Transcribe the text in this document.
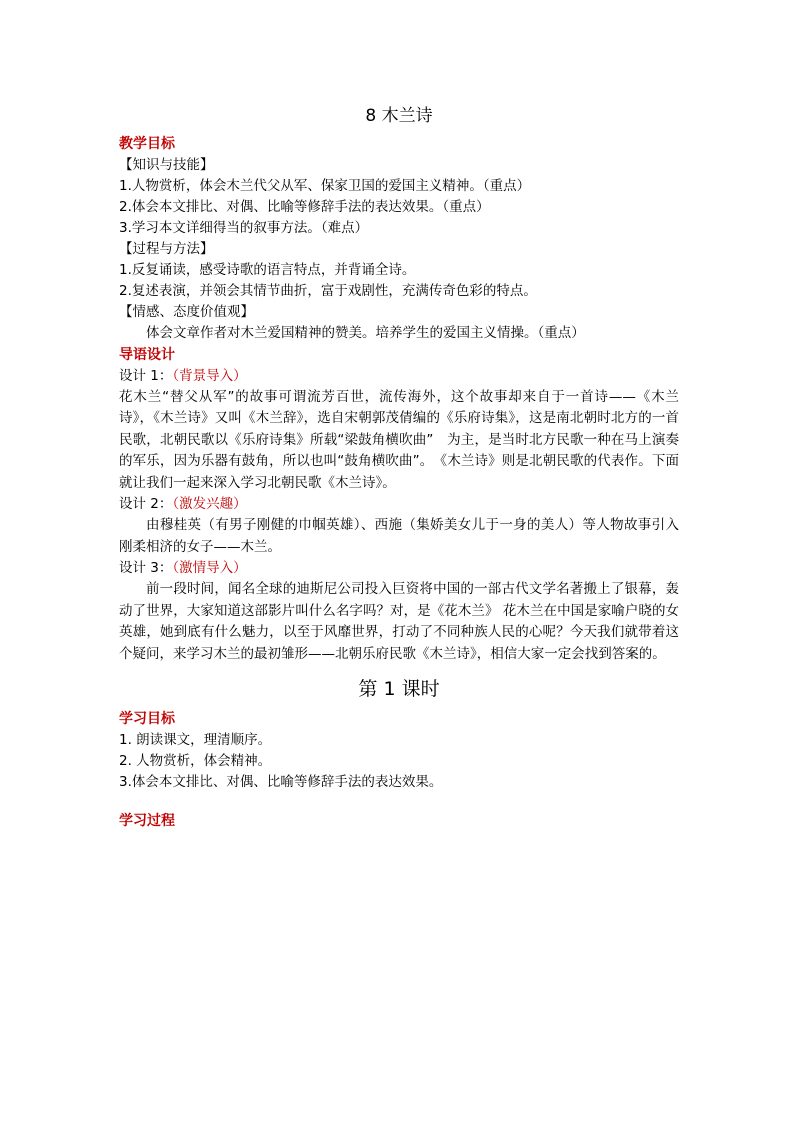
8 木兰诗
教学目标
【知识与技能】
1.人物赏析，体会木兰代父从军、保家卫国的爱国主义精神。（重点）
2.体会本文排比、对偶、比喻等修辞手法的表达效果。（重点）
3.学习本文详细得当的叙事方法。（难点）
【过程与方法】
1.反复诵读，感受诗歌的语言特点，并背诵全诗。
2.复述表演，并领会其情节曲折，富于戏剧性，充满传奇色彩的特点。
【情感、态度价值观】
体会文章作者对木兰爱国精神的赞美。培养学生的爱国主义情操。（重点）
导语设计
设计 1：（背景导入）
花木兰“替父从军”的故事可谓流芳百世，流传海外，这个故事却来自于一首诗——《木兰诗》，《木兰诗》又叫《木兰辞》，选自宋朝郭茂倩编的《乐府诗集》，这是南北朝时北方的一首民歌，北朝民歌以《乐府诗集》所载“梁鼓角横吹曲”　为主，是当时北方民歌一种在马上演奏的军乐，因为乐器有鼓角，所以也叫“鼓角横吹曲”。　《木兰诗》则是北朝民歌的代表作。下面就让我们一起来深入学习北朝民歌《木兰诗》。
设计 2：（激发兴趣）
由穆桂英（有男子刚健的巾帼英雄）、西施（集娇美女儿于一身的美人）等人物故事引入刚柔相济的女子——木兰。
设计 3：（激情导入）
前一段时间，闻名全球的迪斯尼公司投入巨资将中国的一部古代文学名著搬上了银幕，轰动了世界，大家知道这部影片叫什么名字吗？对，是《花木兰》 花木兰在中国是家喻户晓的女英雄，她到底有什么魅力，以至于风靡世界，打动了不同种族人民的心呢？今天我们就带着这个疑问，来学习木兰的最初雏形——北朝乐府民歌《木兰诗》，相信大家一定会找到答案的。
第 1 课时
学习目标
1. 朗读课文，理清顺序。
2. 人物赏析，体会精神。
3.体会本文排比、对偶、比喻等修辞手法的表达效果。
学习过程
